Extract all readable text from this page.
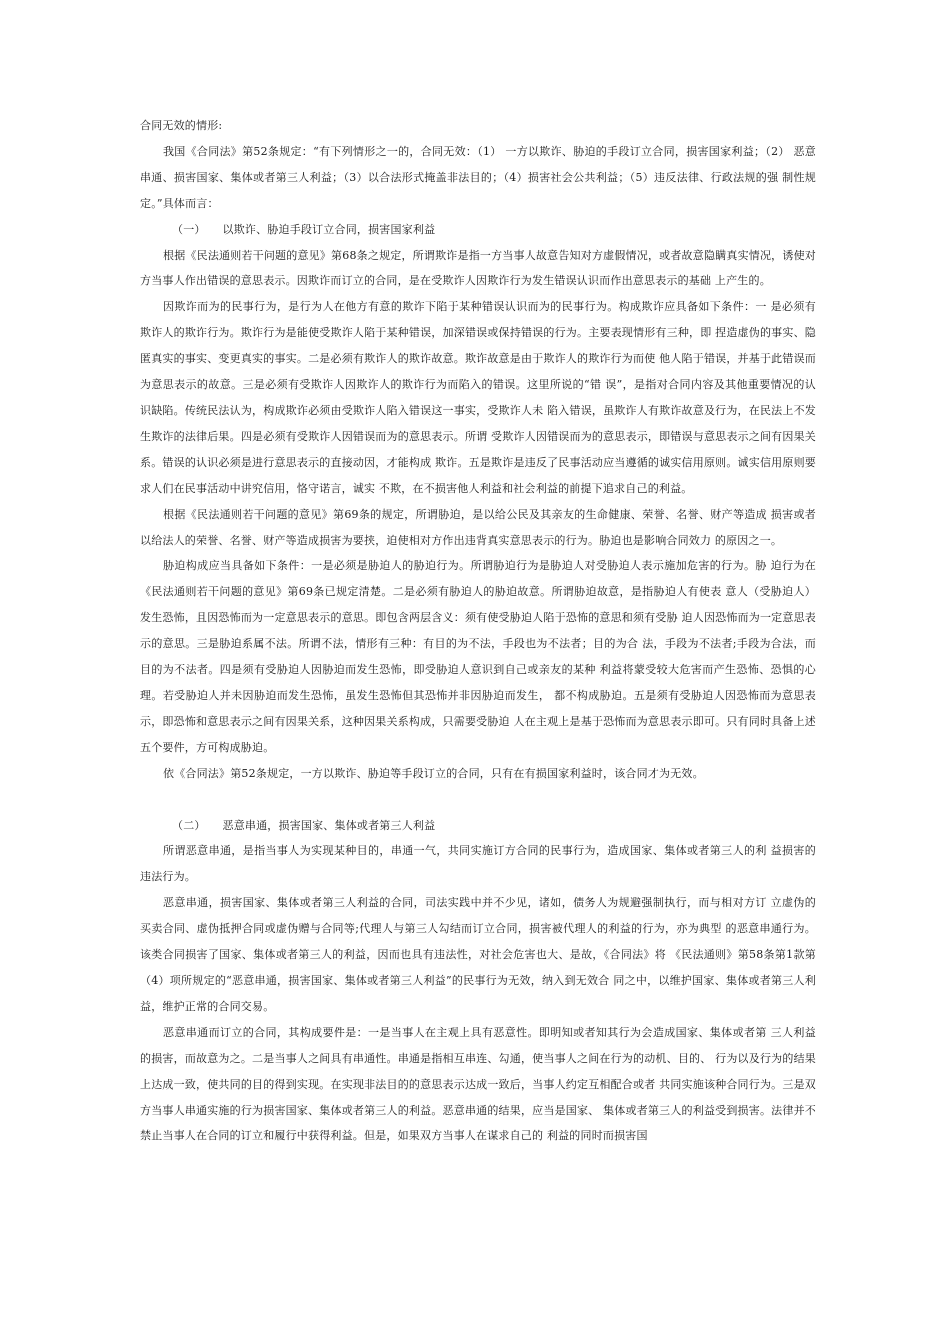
合同无效的情形:

我国《合同法》第52条规定：“有下列情形之一的，合同无效：（1） 一方以欺诈、胁迫的手段订立合同，损害国家利益；（2） 恶意串通、损害国家、集体或者第三人利益；（3）以合法形式掩盖非法目的；（4）损害社会公共利益；（5）违反法律、行政法规的强 制性规定。”具体而言：

（一）　　以欺诈、胁迫手段订立合同，损害国家利益

根据《民法通则若干问题的意见》第68条之规定，所谓欺诈是指一方当事人故意告知对方虚假情况，或者故意隐瞒真实情况，诱使对方当事人作出错误的意思表示。因欺诈而订立的合同，是在受欺诈人因欺诈行为发生错误认识而作出意思表示的基础 上产生的。

因欺诈而为的民事行为，是行为人在他方有意的欺诈下陷于某种错误认识而为的民事行为。构成欺诈应具备如下条件：一 是必须有欺诈人的欺诈行为。欺诈行为是能使受欺诈人陷于某种错误，加深错误或保持错误的行为。主要表现情形有三种，即 捏造虚伪的事实、隐匿真实的事实、变更真实的事实。二是必须有欺诈人的欺诈故意。欺诈故意是由于欺诈人的欺诈行为而使 他人陷于错误，并基于此错误而为意思表示的故意。三是必须有受欺诈人因欺诈人的欺诈行为而陷入的错误。这里所说的“错 误”，是指对合同内容及其他重要情况的认识缺陷。传统民法认为，构成欺诈必须由受欺诈人陷入错误这一事实，受欺诈人未 陷入错误，虽欺诈人有欺诈故意及行为，在民法上不发生欺诈的法律后果。四是必须有受欺诈人因错误而为的意思表示。所谓 受欺诈人因错误而为的意思表示，即错误与意思表示之间有因果关系。错误的认识必须是进行意思表示的直接动因，才能构成 欺诈。五是欺诈是违反了民事活动应当遵循的诚实信用原则。诚实信用原则要求人们在民事活动中讲究信用，恪守诺言，诚实 不欺，在不损害他人利益和社会利益的前提下追求自己的利益。

根据《民法通则若干问题的意见》第69条的规定，所谓胁迫，是以给公民及其亲友的生命健康、荣誉、名誉、财产等造成 损害或者以给法人的荣誉、名誉、财产等造成损害为要挟，迫使相对方作出违背真实意思表示的行为。胁迫也是影响合同效力 的原因之一。

胁迫构成应当具备如下条件：一是必须是胁迫人的胁迫行为。所谓胁迫行为是胁迫人对受胁迫人表示施加危害的行为。胁 迫行为在《民法通则若干问题的意见》第69条已规定清楚。二是必须有胁迫人的胁迫故意。所谓胁迫故意，是指胁迫人有使表 意人（受胁迫人）发生恐怖，且因恐怖而为一定意思表示的意思。即包含两层含义：须有使受胁迫人陷于恐怖的意思和须有受胁 迫人因恐怖而为一定意思表示的意思。三是胁迫系属不法。所谓不法，情形有三种：有目的为不法，手段也为不法者；目的为合 法，手段为不法者;手段为合法，而目的为不法者。四是须有受胁迫人因胁迫而发生恐怖，即受胁迫人意识到自己或亲友的某种 利益将蒙受较大危害而产生恐怖、恐惧的心理。若受胁迫人并未因胁迫而发生恐怖，虽发生恐怖但其恐怖并非因胁迫而发生， 都不构成胁迫。五是须有受胁迫人因恐怖而为意思表示，即恐怖和意思表示之间有因果关系，这种因果关系构成，只需要受胁迫 人在主观上是基于恐怖而为意思表示即可。只有同时具备上述五个要件，方可构成胁迫。

依《合同法》第52条规定，一方以欺诈、胁迫等手段订立的合同，只有在有损国家利益时，该合同才为无效。

（二）　　恶意串通，损害国家、集体或者第三人利益

所谓恶意串通，是指当事人为实现某种目的，串通一气，共同实施订方合同的民事行为，造成国家、集体或者第三人的利 益损害的违法行为。

恶意串通，损害国家、集体或者第三人利益的合同，司法实践中并不少见，诸如，债务人为规避强制执行，而与相对方订 立虚伪的买卖合同、虚伪抵押合同或虚伪赠与合同等;代理人与第三人勾结而订立合同，损害被代理人的利益的行为，亦为典型 的恶意串通行为。该类合同损害了国家、集体或者第三人的利益，因而也具有违法性，对社会危害也大、是故，《合同法》将 《民法通则》第58条第1款第（4）项所规定的“恶意串通，损害国家、集体或者第三人利益”的民事行为无效，纳入到无效合 同之中，以维护国家、集体或者第三人利益，维护正常的合同交易。

恶意串通而订立的合同，其构成要件是：一是当事人在主观上具有恶意性。即明知或者知其行为会造成国家、集体或者第 三人利益的损害，而故意为之。二是当事人之间具有串通性。串通是指相互串连、勾通，使当事人之间在行为的动机、目的、 行为以及行为的结果上达成一致，使共同的目的得到实现。在实现非法目的的意思表示达成一致后，当事人约定互相配合或者 共同实施该种合同行为。三是双方当事人串通实施的行为损害国家、集体或者第三人的利益。恶意串通的结果，应当是国家、 集体或者第三人的利益受到损害。法律并不禁止当事人在合同的订立和履行中获得利益。但是，如果双方当事人在谋求自己的 利益的同时而损害国
